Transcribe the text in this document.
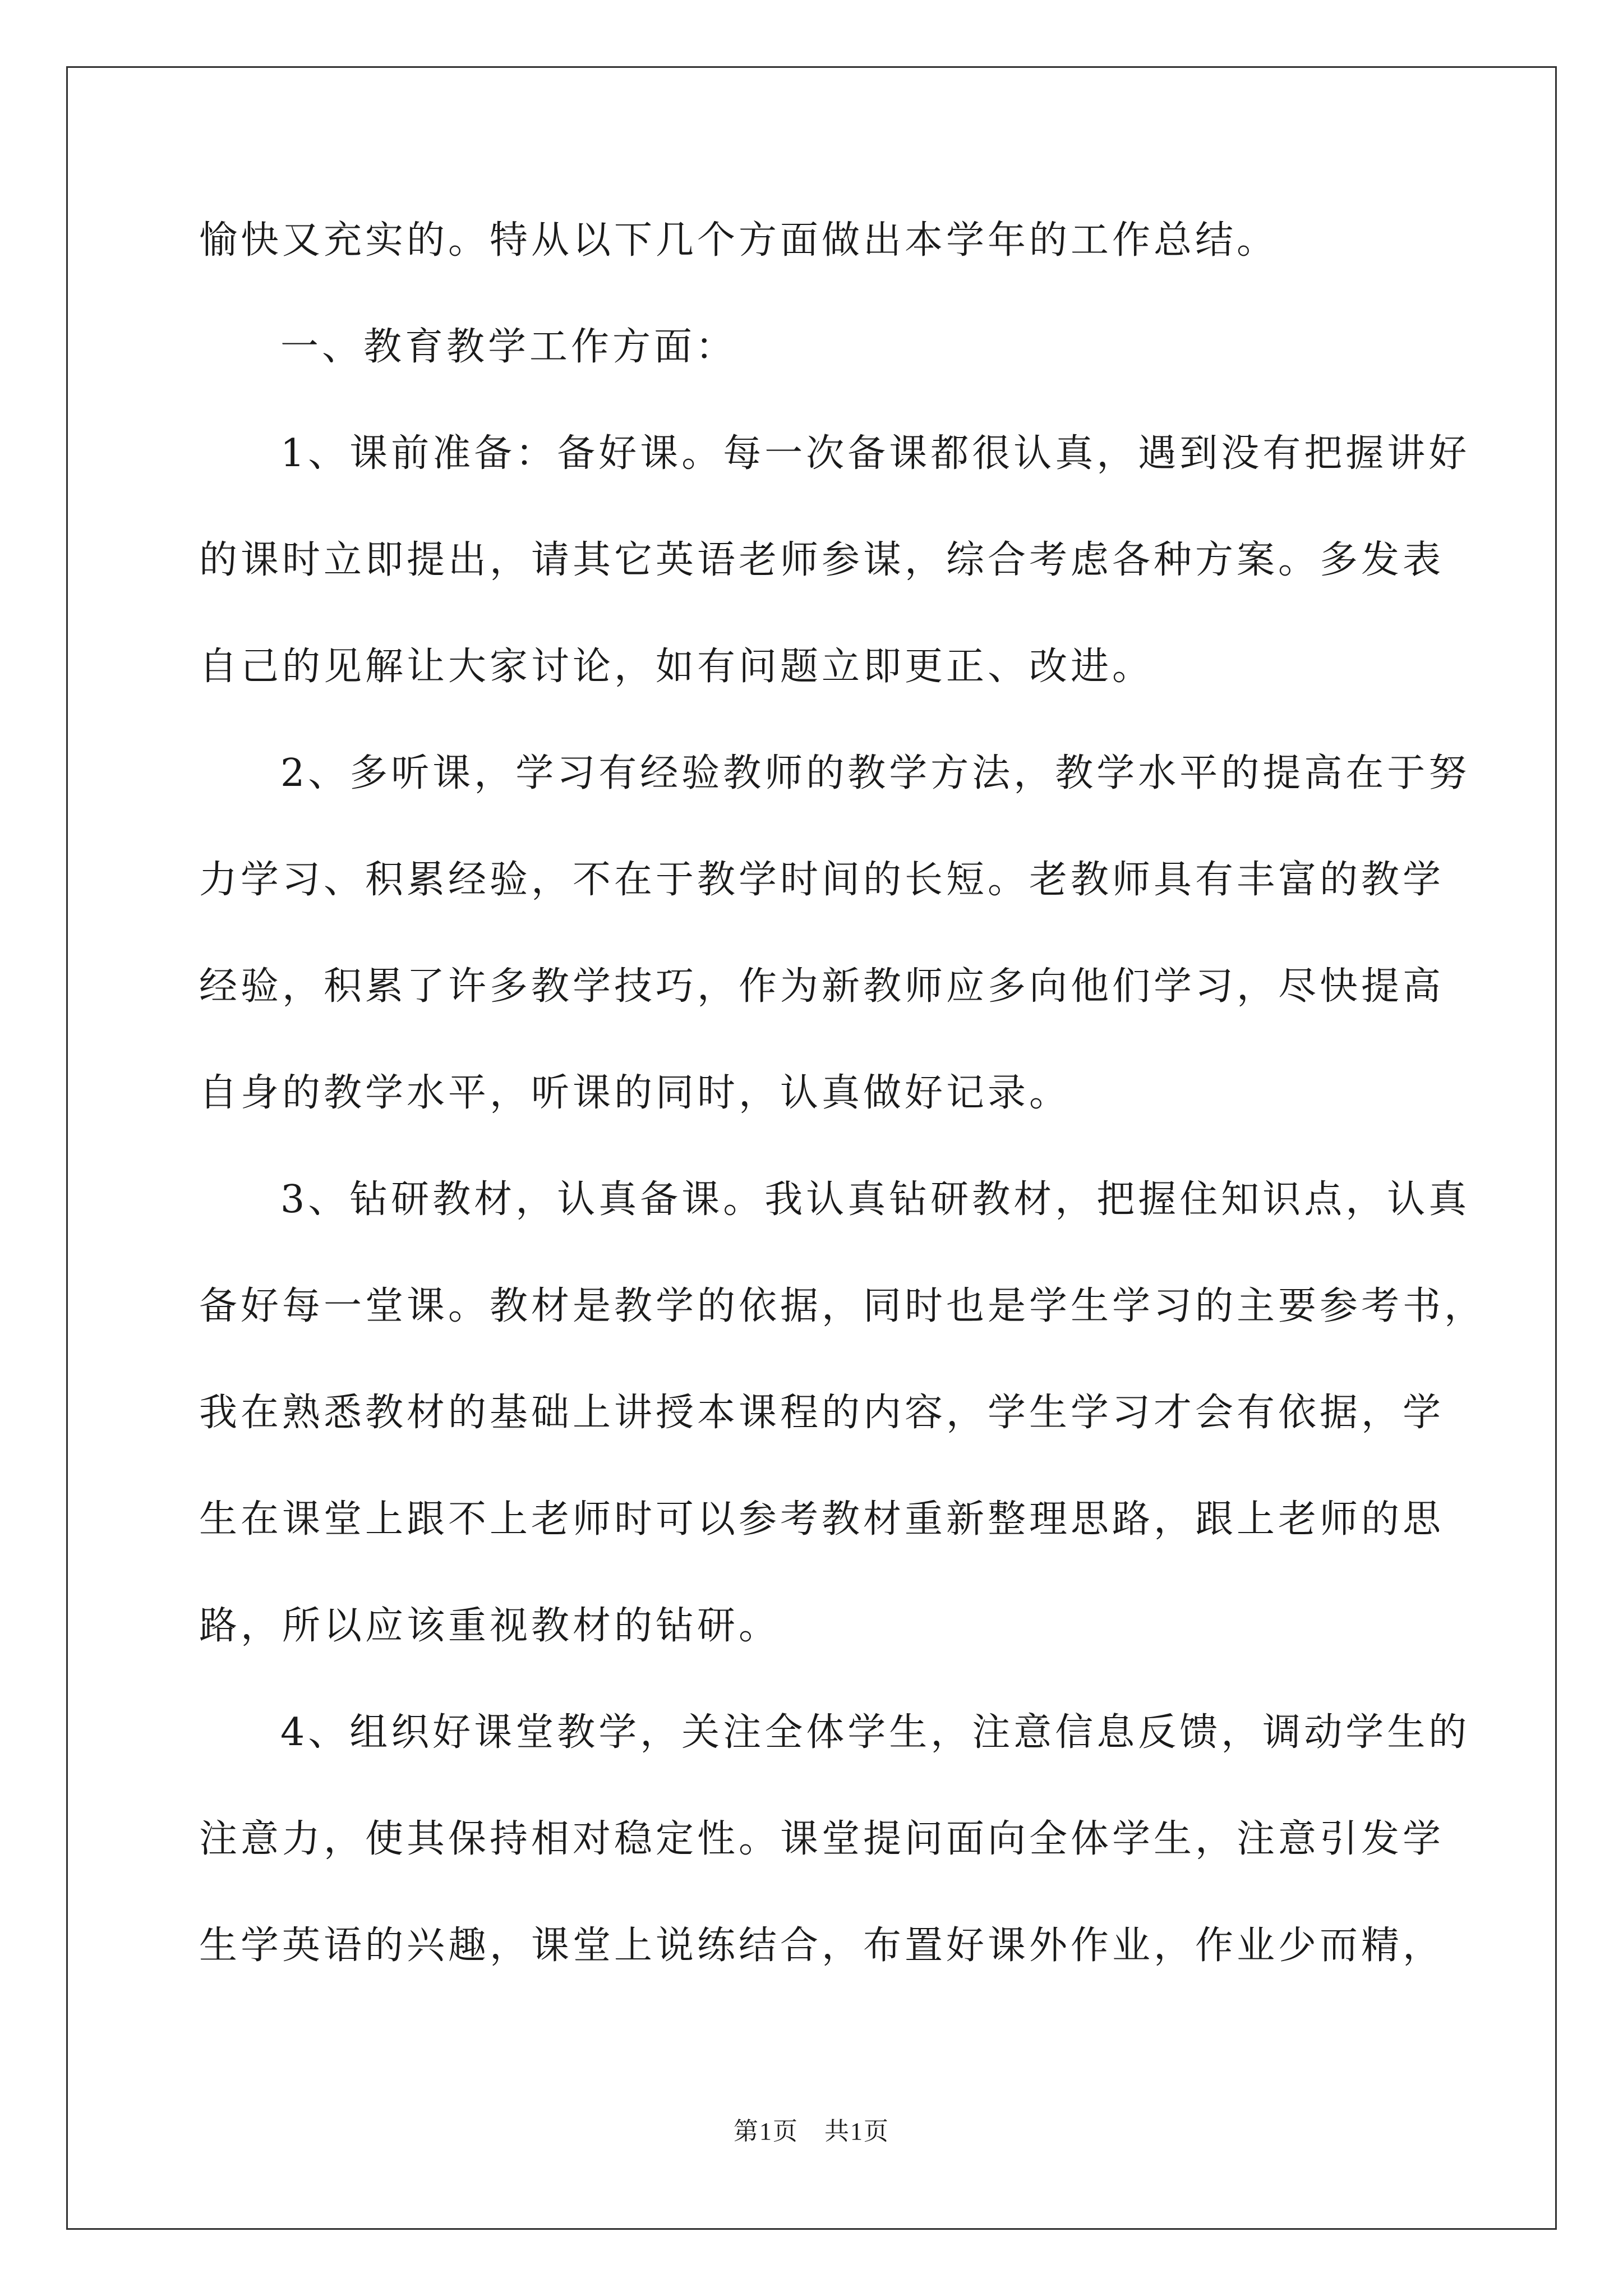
愉快又充实的。特从以下几个方面做出本学年的工作总结。
一、教育教学工作方面：
1、课前准备：备好课。每一次备课都很认真，遇到没有把握讲好
的课时立即提出，请其它英语老师参谋，综合考虑各种方案。多发表
自己的见解让大家讨论，如有问题立即更正、改进。
2、多听课，学习有经验教师的教学方法，教学水平的提高在于努
力学习、积累经验，不在于教学时间的长短。老教师具有丰富的教学
经验，积累了许多教学技巧，作为新教师应多向他们学习，尽快提高
自身的教学水平，听课的同时，认真做好记录。
3、钻研教材，认真备课。我认真钻研教材，把握住知识点，认真
备好每一堂课。教材是教学的依据，同时也是学生学习的主要参考书，
我在熟悉教材的基础上讲授本课程的内容，学生学习才会有依据，学
生在课堂上跟不上老师时可以参考教材重新整理思路，跟上老师的思
路，所以应该重视教材的钻研。
4、组织好课堂教学，关注全体学生，注意信息反馈，调动学生的
注意力，使其保持相对稳定性。课堂提问面向全体学生，注意引发学
生学英语的兴趣，课堂上说练结合，布置好课外作业，作业少而精，
第1页　共1页
